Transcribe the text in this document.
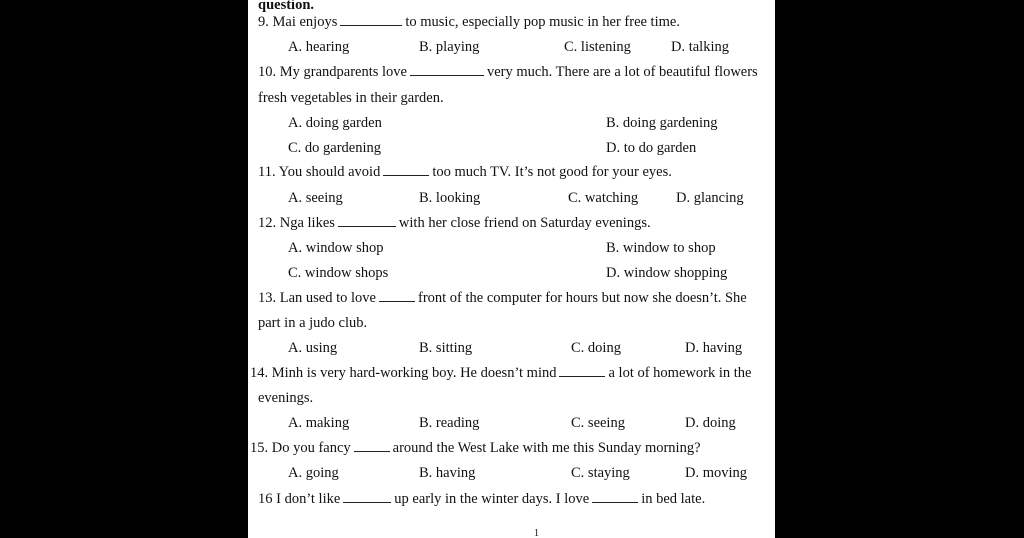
question.
9. Mai enjoys	to music, especially pop music in her free time.
A. hearing	B. playing	C. listening	D. talking
10. My grandparents love	very much. There are a lot of beautiful flowers
fresh vegetables in their garden.
A. doing garden	B. doing gardening
C. do gardening	D. to do garden
11. You should avoid	too much TV. It’s not good for your eyes.
A. seeing	B. looking	C. watching	D. glancing
12. Nga likes	with her close friend on Saturday evenings.
A. window shop	B. window to shop
C. window shops	D. window shopping
13. Lan used to love	front of the computer for hours but now she doesn’t. She
part in a judo club.
A. using	B. sitting	C. doing	D. having
14. Minh is very hard-working boy. He doesn’t mind	a lot of homework in the
evenings.
A. making	B. reading	C. seeing	D. doing
15. Do you fancy	around the West Lake with me this Sunday morning?
A. going	B. having	C. staying	D. moving
16 I don’t like	up early in the winter days. I love	in bed late.
1
